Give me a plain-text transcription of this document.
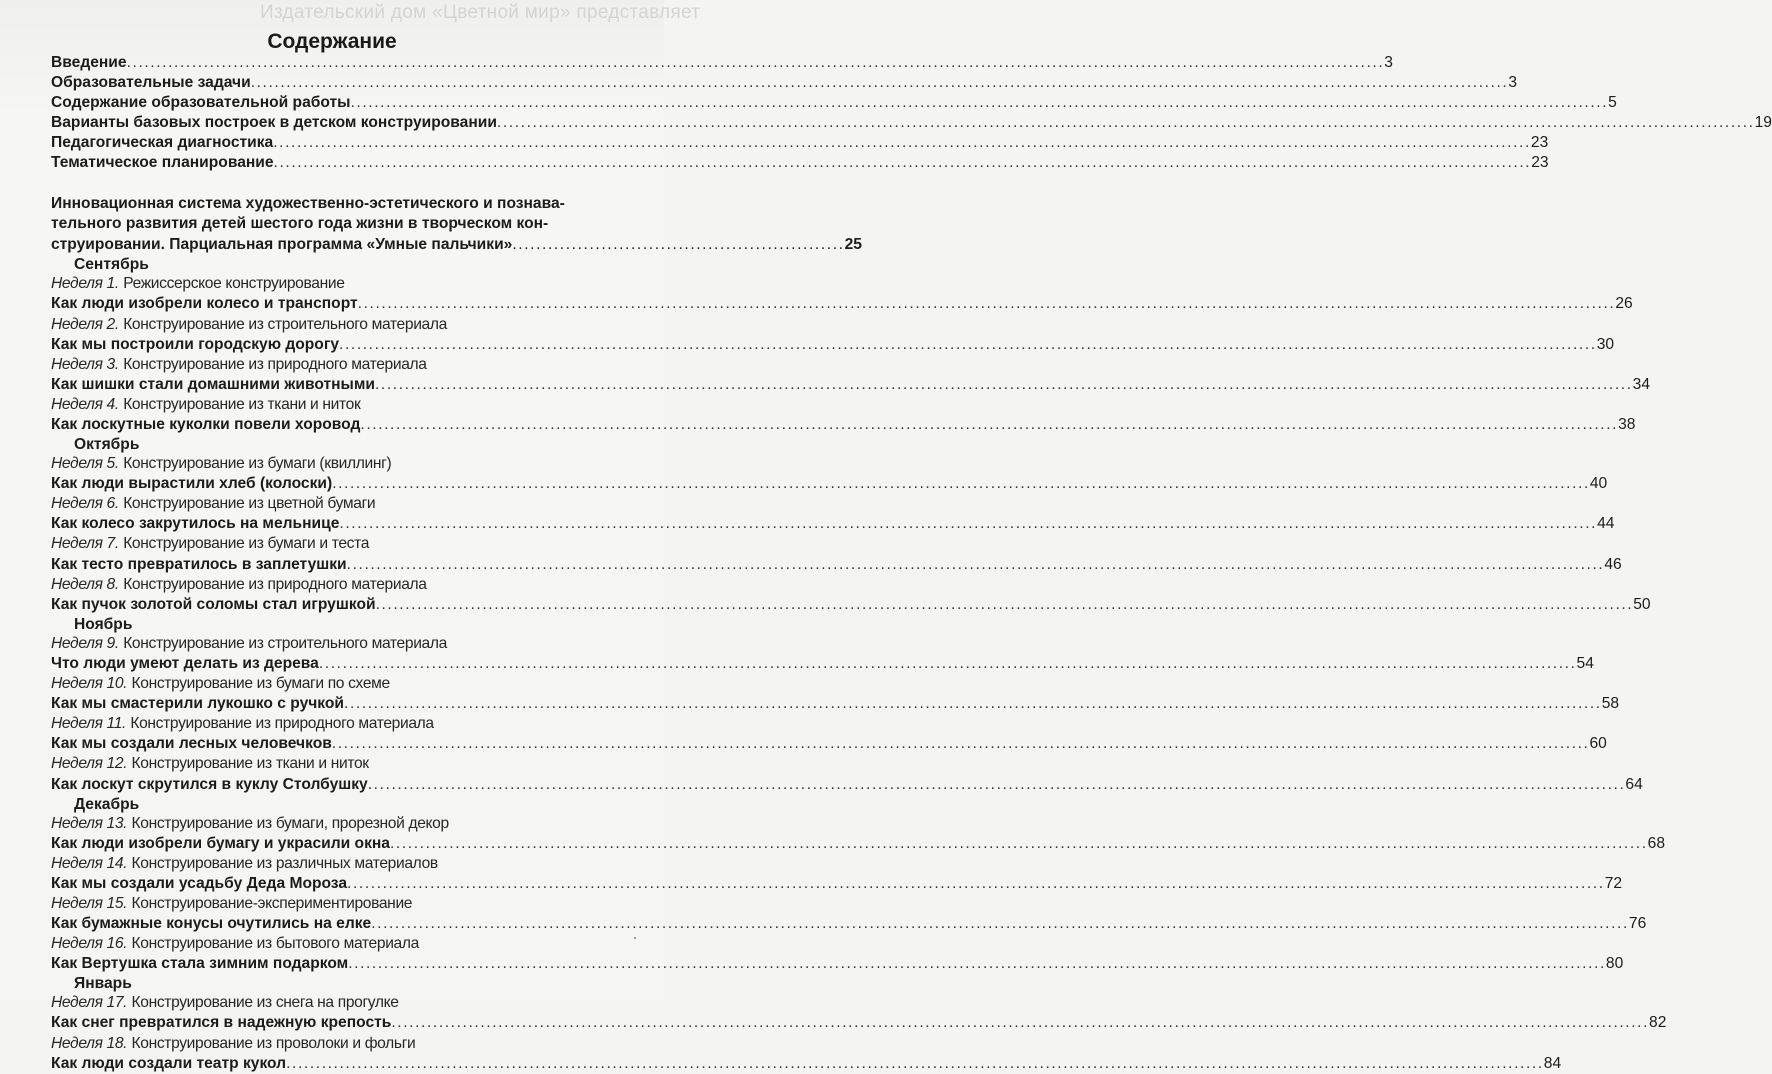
Издательский дом «Цветной мир» представляет
Содержание
Введение .....	3
Образовательные задачи .....	3
Содержание образовательной работы .....	5
Варианты базовых построек в детском конструировании .....	19
Педагогическая диагностика .....	23
Тематическое планирование .....	23
Инновационная система художественно-эстетического и познава-
тельного развития детей шестого года жизни в творческом кон-
струировании. Парциальная программа «Умные пальчики» ........................................................ 25
Сентябрь
Неделя 1. Режиссерское конструирование
Как люди изобрели колесо и транспорт .....	26
Неделя 2. Конструирование из строительного материала
Как мы построили городскую дорогу .....	30
Неделя 3. Конструирование из природного материала
Как шишки стали домашними животными .....	34
Неделя 4. Конструирование из ткани и ниток
Как лоскутные куколки повели хоровод .....	38
Октябрь
Неделя 5. Конструирование из бумаги (квиллинг)
Как люди вырастили хлеб (колоски) .....	40
Неделя 6. Конструирование из цветной бумаги
Как колесо закрутилось на мельнице .....	44
Неделя 7. Конструирование из бумаги и теста
Как тесто превратилось в заплетушки .....	46
Неделя 8. Конструирование из природного материала
Как пучок золотой соломы стал игрушкой .....	50
Ноябрь
Неделя 9. Конструирование из строительного материала
Что люди умеют делать из дерева .....	54
Неделя 10. Конструирование из бумаги по схеме
Как мы смастерили лукошко с ручкой .....	58
Неделя 11. Конструирование из природного материала
Как мы создали лесных человечков .....	60
Неделя 12. Конструирование из ткани и ниток
Как лоскут скрутился в куклу Столбушку .....	64
Декабрь
Неделя 13. Конструирование из бумаги, прорезной декор
Как люди изобрели бумагу и украсили окна .....	68
Неделя 14. Конструирование из различных материалов
Как мы создали усадьбу Деда Мороза .....	72
Неделя 15. Конструирование-экспериментирование
Как бумажные конусы очутились на елке .....	76
Неделя 16. Конструирование из бытового материала
Как Вертушка стала зимним подарком .....	80
Январь
Неделя 17. Конструирование из снега на прогулке
Как снег превратился в надежную крепость .....	82
Неделя 18. Конструирование из проволоки и фольги
Как люди создали театр кукол .....	84
